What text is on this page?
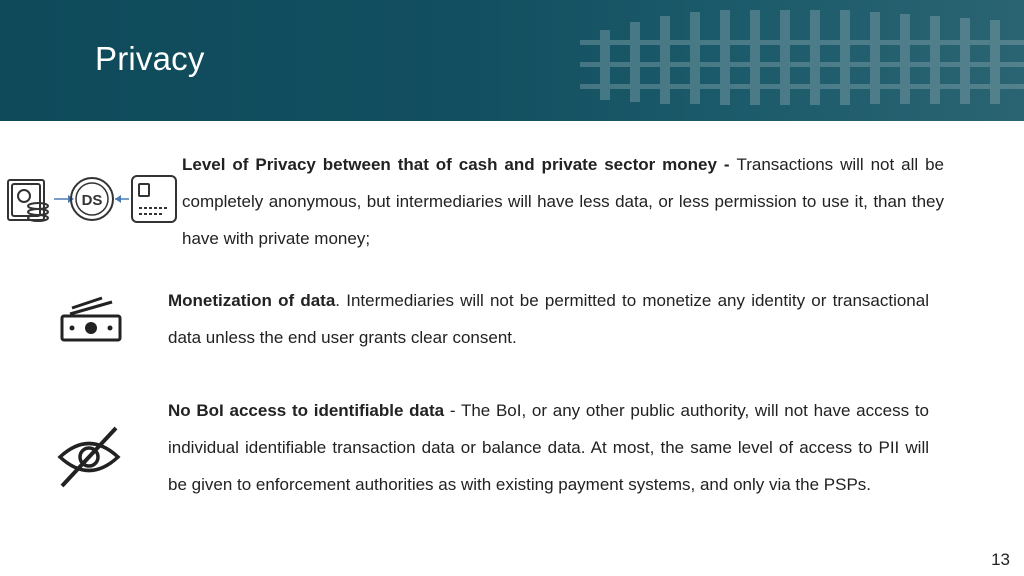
Privacy
DS
Level of Privacy between that of cash and private sector money - Transactions will not all be completely anonymous, but intermediaries will have less data, or less permission to use it, than they have with private money;
Monetization of data. Intermediaries will not be permitted to monetize any identity or transactional data unless the end user grants clear consent.
No BoI access to identifiable data - The BoI, or any other public authority, will not have access to individual identifiable transaction data or balance data. At most, the same level of access to PII will be given to enforcement authorities as with existing payment systems, and only via the PSPs.
13
